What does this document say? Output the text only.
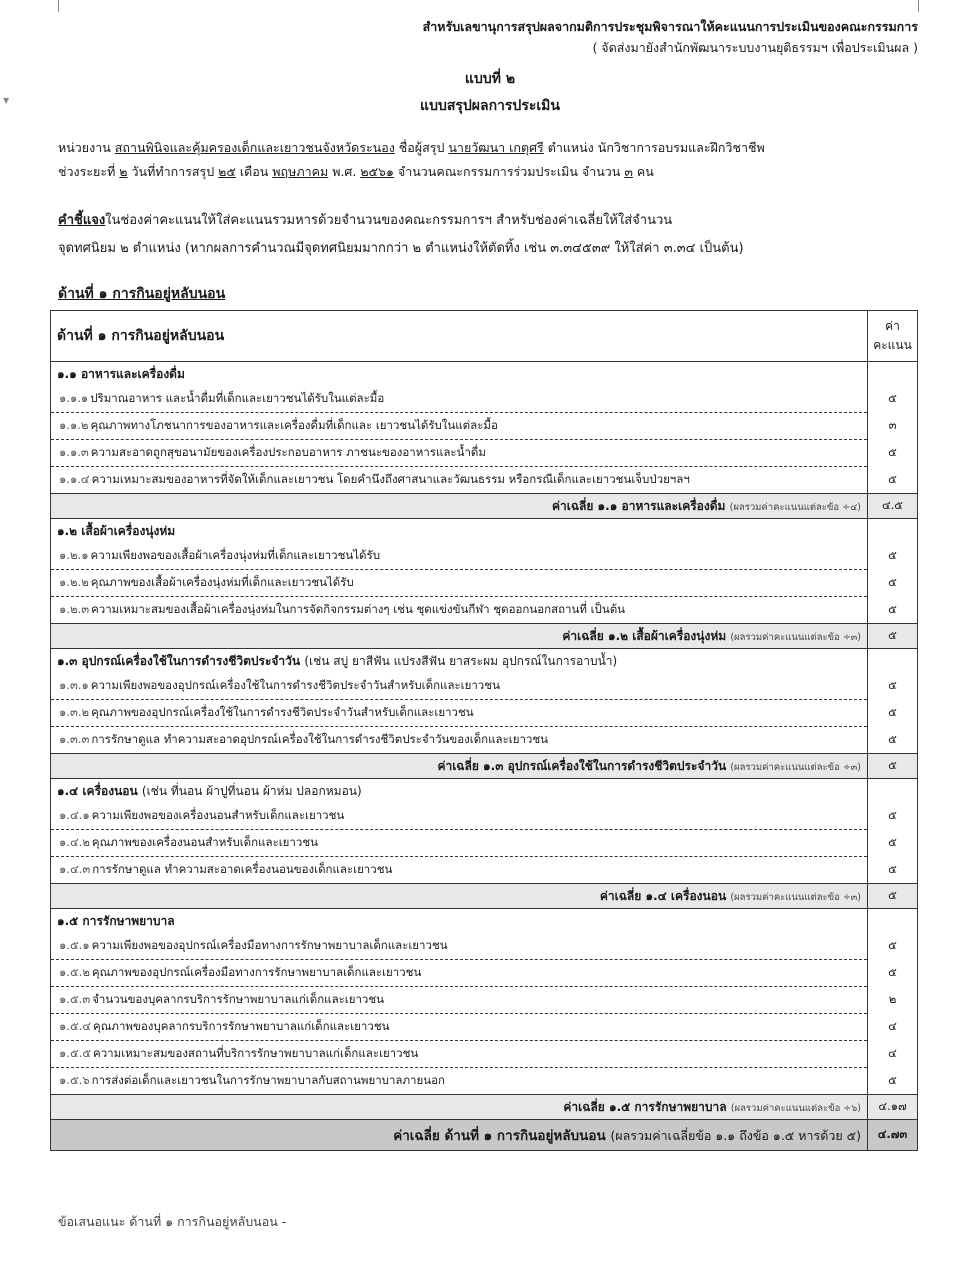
▼
สำหรับเลขานุการสรุปผลจากมติการประชุมพิจารณาให้คะแนนการประเมินของคณะกรรมการ
( จัดส่งมายังสำนักพัฒนาระบบงานยุติธรรมฯ เพื่อประเมินผล )
แบบที่ ๒
แบบสรุปผลการประเมิน
หน่วยงาน สถานพินิจและคุ้มครองเด็กและเยาวชนจังหวัดระนอง ชื่อผู้สรุป นายวัฒนา เกตุศรี ตำแหน่ง นักวิชาการอบรมและฝึกวิชาชีพ
ช่วงระยะที่ ๒ วันที่ทำการสรุป ๒๕ เดือน พฤษภาคม พ.ศ. ๒๕๖๑ จำนวนคณะกรรมการร่วมประเมิน จำนวน ๓ คน
คำชี้แจงในช่องค่าคะแนนให้ใส่คะแนนรวมหารด้วยจำนวนของคณะกรรมการฯ สำหรับช่องค่าเฉลี่ยให้ใส่จำนวน
จุดทศนิยม ๒ ตำแหน่ง (หากผลการคำนวณมีจุดทศนิยมมากกว่า ๒ ตำแหน่งให้ตัดทิ้ง เช่น ๓.๓๔๕๓๙ ให้ใส่ค่า ๓.๓๔ เป็นต้น)
ด้านที่ ๑ การกินอยู่หลับนอน
ด้านที่ ๑ การกินอยู่หลับนอน	ค่า
คะแนน
๑.๑ อาหารและเครื่องดื่ม	
๑.๑.๑ ปริมาณอาหาร และน้ำดื่มที่เด็กและเยาวชนได้รับในแต่ละมื้อ	๕
๑.๑.๒ คุณภาพทางโภชนาการของอาหารและเครื่องดื่มที่เด็กและ เยาวชนได้รับในแต่ละมื้อ	๓
๑.๑.๓ ความสะอาดถูกสุขอนามัยของเครื่องประกอบอาหาร ภาชนะของอาหารและน้ำดื่ม	๕
๑.๑.๔ ความเหมาะสมของอาหารที่จัดให้เด็กและเยาวชน โดยคำนึงถึงศาสนาและวัฒนธรรม หรือกรณีเด็กและเยาวชนเจ็บป่วยฯลฯ	๕
ค่าเฉลี่ย ๑.๑ อาหารและเครื่องดื่ม (ผลรวมค่าคะแนนแต่ละข้อ ÷๔)	๔.๕
๑.๒ เสื้อผ้าเครื่องนุ่งห่ม	
๑.๒.๑ ความเพียงพอของเสื้อผ้าเครื่องนุ่งห่มที่เด็กและเยาวชนได้รับ	๕
๑.๒.๒ คุณภาพของเสื้อผ้าเครื่องนุ่งห่มที่เด็กและเยาวชนได้รับ	๕
๑.๒.๓ ความเหมาะสมของเสื้อผ้าเครื่องนุ่งห่มในการจัดกิจกรรมต่างๆ เช่น ชุดแข่งขันกีฬา ชุดออกนอกสถานที่ เป็นต้น	๕
ค่าเฉลี่ย ๑.๒ เสื้อผ้าเครื่องนุ่งห่ม (ผลรวมค่าคะแนนแต่ละข้อ ÷๓)	๕
๑.๓ อุปกรณ์เครื่องใช้ในการดำรงชีวิตประจำวัน (เช่น สบู่ ยาสีฟัน แปรงสีฟัน ยาสระผม อุปกรณ์ในการอาบน้ำ)	
๑.๓.๑ ความเพียงพอของอุปกรณ์เครื่องใช้ในการดำรงชีวิตประจำวันสำหรับเด็กและเยาวชน	๕
๑.๓.๒ คุณภาพของอุปกรณ์เครื่องใช้ในการดำรงชีวิตประจำวันสำหรับเด็กและเยาวชน	๕
๑.๓.๓ การรักษาดูแล ทำความสะอาดอุปกรณ์เครื่องใช้ในการดำรงชีวิตประจำวันของเด็กและเยาวชน	๕
ค่าเฉลี่ย ๑.๓ อุปกรณ์เครื่องใช้ในการดำรงชีวิตประจำวัน (ผลรวมค่าคะแนนแต่ละข้อ ÷๓)	๕
๑.๔ เครื่องนอน (เช่น ที่นอน ผ้าปูที่นอน ผ้าห่ม ปลอกหมอน)	
๑.๔.๑ ความเพียงพอของเครื่องนอนสำหรับเด็กและเยาวชน	๕
๑.๔.๒ คุณภาพของเครื่องนอนสำหรับเด็กและเยาวชน	๕
๑.๔.๓ การรักษาดูแล ทำความสะอาดเครื่องนอนของเด็กและเยาวชน	๕
ค่าเฉลี่ย ๑.๔ เครื่องนอน (ผลรวมค่าคะแนนแต่ละข้อ ÷๓)	๕
๑.๕ การรักษาพยาบาล	
๑.๕.๑ ความเพียงพอของอุปกรณ์เครื่องมือทางการรักษาพยาบาลเด็กและเยาวชน	๕
๑.๕.๒ คุณภาพของอุปกรณ์เครื่องมือทางการรักษาพยาบาลเด็กและเยาวชน	๕
๑.๕.๓ จำนวนของบุคลากรบริการรักษาพยาบาลแก่เด็กและเยาวชน	๒
๑.๕.๔ คุณภาพของบุคลากรบริการรักษาพยาบาลแก่เด็กและเยาวชน	๔
๑.๕.๕ ความเหมาะสมของสถานที่บริการรักษาพยาบาลแก่เด็กและเยาวชน	๔
๑.๕.๖ การส่งต่อเด็กและเยาวชนในการรักษาพยาบาลกับสถานพยาบาลภายนอก	๕
ค่าเฉลี่ย ๑.๕ การรักษาพยาบาล (ผลรวมค่าคะแนนแต่ละข้อ ÷๖)	๔.๑๗
ค่าเฉลี่ย ด้านที่ ๑ การกินอยู่หลับนอน (ผลรวมค่าเฉลี่ยข้อ ๑.๑ ถึงข้อ ๑.๕ หารด้วย ๕)	๔.๗๓
ข้อเสนอแนะ ด้านที่ ๑ การกินอยู่หลับนอน -
